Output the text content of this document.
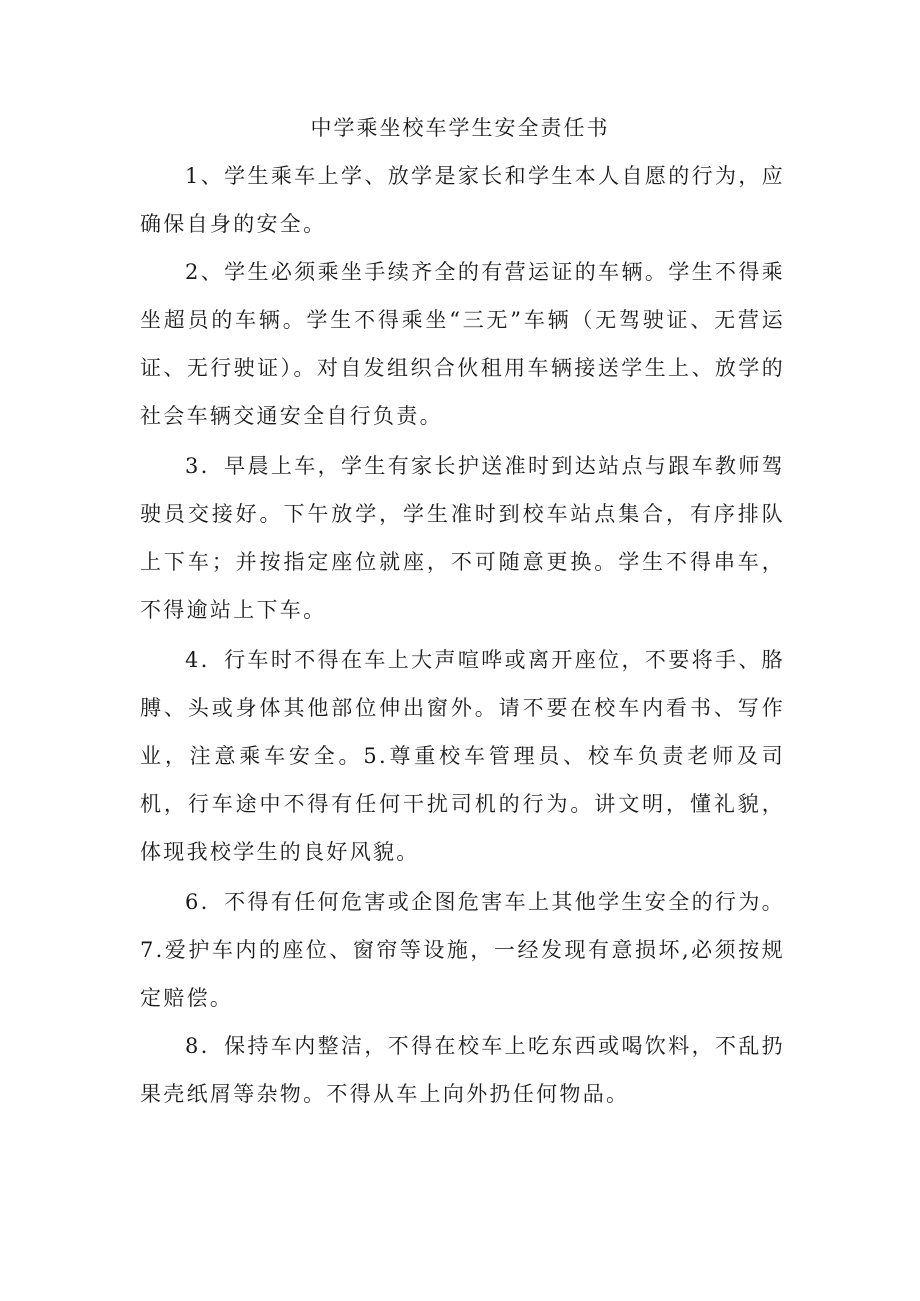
中学乘坐校车学生安全责任书

1、学生乘车上学、放学是家长和学生本人自愿的行为，应确保自身的安全。

2、学生必须乘坐手续齐全的有营运证的车辆。学生不得乘坐超员的车辆。学生不得乘坐“三无”车辆（无驾驶证、无营运证、无行驶证）。对自发组织合伙租用车辆接送学生上、放学的社会车辆交通安全自行负责。

3．早晨上车，学生有家长护送准时到达站点与跟车教师驾驶员交接好。下午放学，学生准时到校车站点集合，有序排队上下车；并按指定座位就座，不可随意更换。学生不得串车，不得逾站上下车。

4．行车时不得在车上大声喧哗或离开座位，不要将手、胳膊、头或身体其他部位伸出窗外。请不要在校车内看书、写作业，注意乘车安全。5.尊重校车管理员、校车负责老师及司机，行车途中不得有任何干扰司机的行为。讲文明，懂礼貌，体现我校学生的良好风貌。

6．不得有任何危害或企图危害车上其他学生安全的行为。7.爱护车内的座位、窗帘等设施，一经发现有意损坏,必须按规定赔偿。

8．保持车内整洁，不得在校车上吃东西或喝饮料，不乱扔果壳纸屑等杂物。不得从车上向外扔任何物品。
